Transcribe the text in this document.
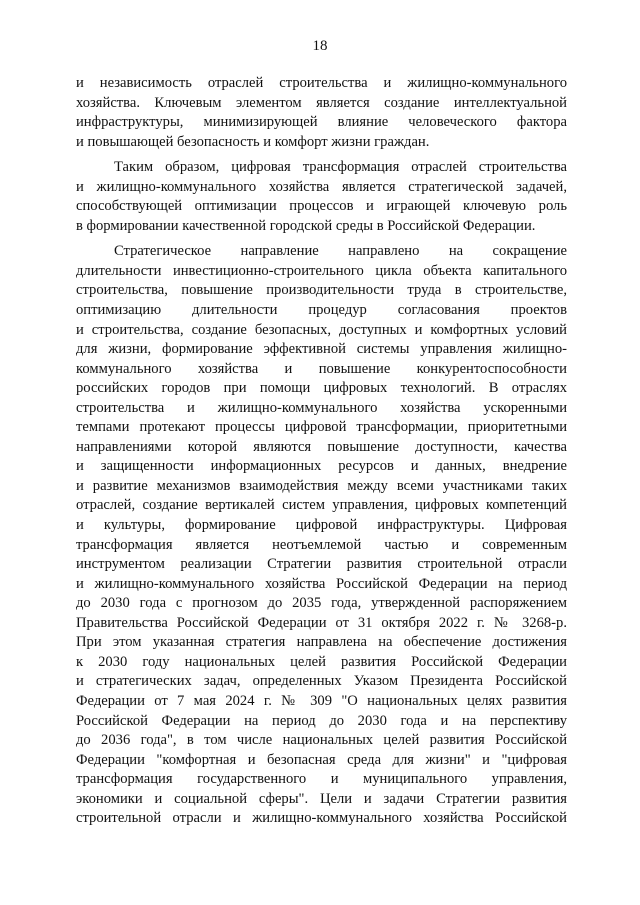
18
и независимость отраслей строительства и жилищно-коммунального
хозяйства. Ключевым элементом является создание интеллектуальной
инфраструктуры, минимизирующей влияние человеческого фактора
и повышающей безопасность и комфорт жизни граждан.
Таким образом, цифровая трансформация отраслей строительства
и жилищно-коммунального хозяйства является стратегической задачей,
способствующей оптимизации процессов и играющей ключевую роль
в формировании качественной городской среды в Российской Федерации.
Стратегическое направление направлено на сокращение
длительности инвестиционно-строительного цикла объекта капитального
строительства, повышение производительности труда в строительстве,
оптимизацию длительности процедур согласования проектов
и строительства, создание безопасных, доступных и комфортных условий
для жизни, формирование эффективной системы управления жилищно-
коммунального хозяйства и повышение конкурентоспособности
российских городов при помощи цифровых технологий. В отраслях
строительства и жилищно-коммунального хозяйства ускоренными
темпами протекают процессы цифровой трансформации, приоритетными
направлениями которой являются повышение доступности, качества
и защищенности информационных ресурсов и данных, внедрение
и развитие механизмов взаимодействия между всеми участниками таких
отраслей, создание вертикалей систем управления, цифровых компетенций
и культуры, формирование цифровой инфраструктуры. Цифровая
трансформация является неотъемлемой частью и современным
инструментом реализации Стратегии развития строительной отрасли
и жилищно-коммунального хозяйства Российской Федерации на период
до 2030 года с прогнозом до 2035 года, утвержденной распоряжением
Правительства Российской Федерации от 31 октября 2022 г. № 3268-р.
При этом указанная стратегия направлена на обеспечение достижения
к 2030 году национальных целей развития Российской Федерации
и стратегических задач, определенных Указом Президента Российской
Федерации от 7 мая 2024 г. № 309 "О национальных целях развития
Российской Федерации на период до 2030 года и на перспективу
до 2036 года", в том числе национальных целей развития Российской
Федерации "комфортная и безопасная среда для жизни" и "цифровая
трансформация государственного и муниципального управления,
экономики и социальной сферы". Цели и задачи Стратегии развития
строительной отрасли и жилищно-коммунального хозяйства Российской
